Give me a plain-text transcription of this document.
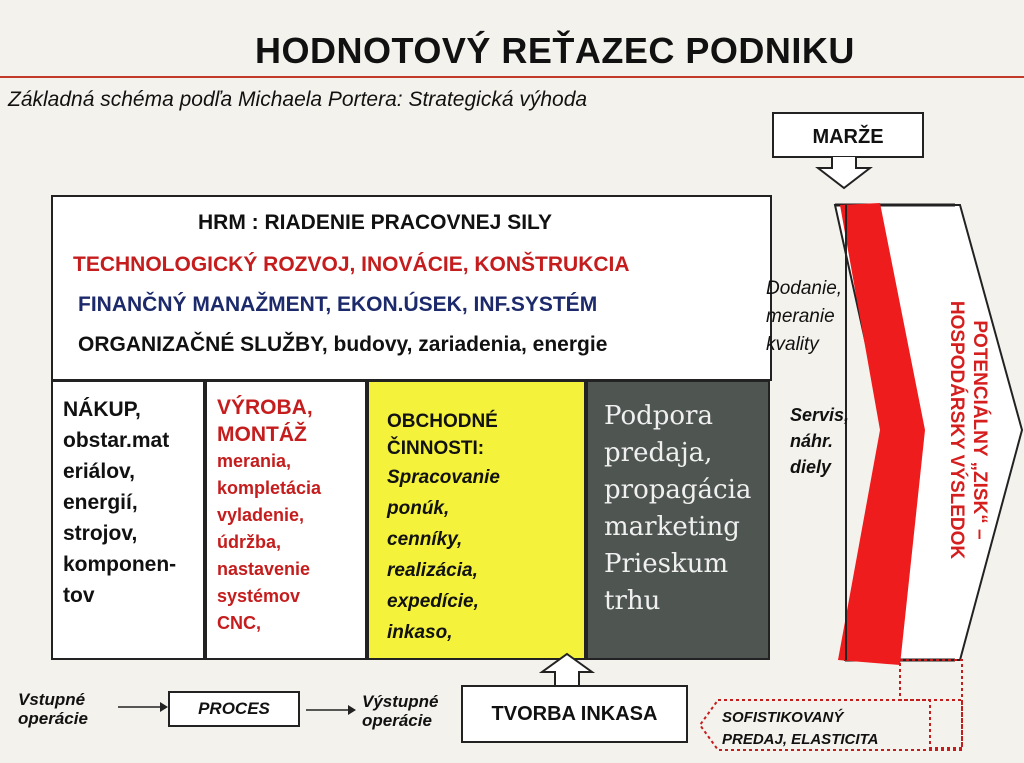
HODNOTOVÝ REŤAZEC PODNIKU
Základná schéma podľa Michaela Portera: Strategická výhoda
MARŽE
HRM : RIADENIE PRACOVNEJ SILY
TECHNOLOGICKÝ ROZVOJ, INOVÁCIE, KONŠTRUKCIA
FINANČNÝ MANAŽMENT, EKON.ÚSEK, INF.SYSTÉM
ORGANIZAČNÉ SLUŽBY, budovy, zariadenia, energie
NÁKUP,
obstar.mat
eriálov,
energií,
strojov,
komponen-
tov
VÝROBA,
MONTÁŽ
merania,
kompletácia
vyladenie,
údržba,
nastavenie
systémov
CNC,
OBCHODNÉ
ČINNOSTI:
Spracovanie
ponúk,
cenníky,
realizácia,
expedície,
inkaso,
Podpora
predaja,
propagácia
marketing
Prieskum
trhu
Dodanie,
meranie
kvality
Servis,
náhr.
diely	POTENCIÁLNY „ZISK“ –
HOSPODÁRSKY VÝSLEDOK
Vstupné
operácie
PROCES	Výstupné
operácie	TVORBA INKASA	SOFISTIKOVANÝ
PREDAJ, ELASTICITA
